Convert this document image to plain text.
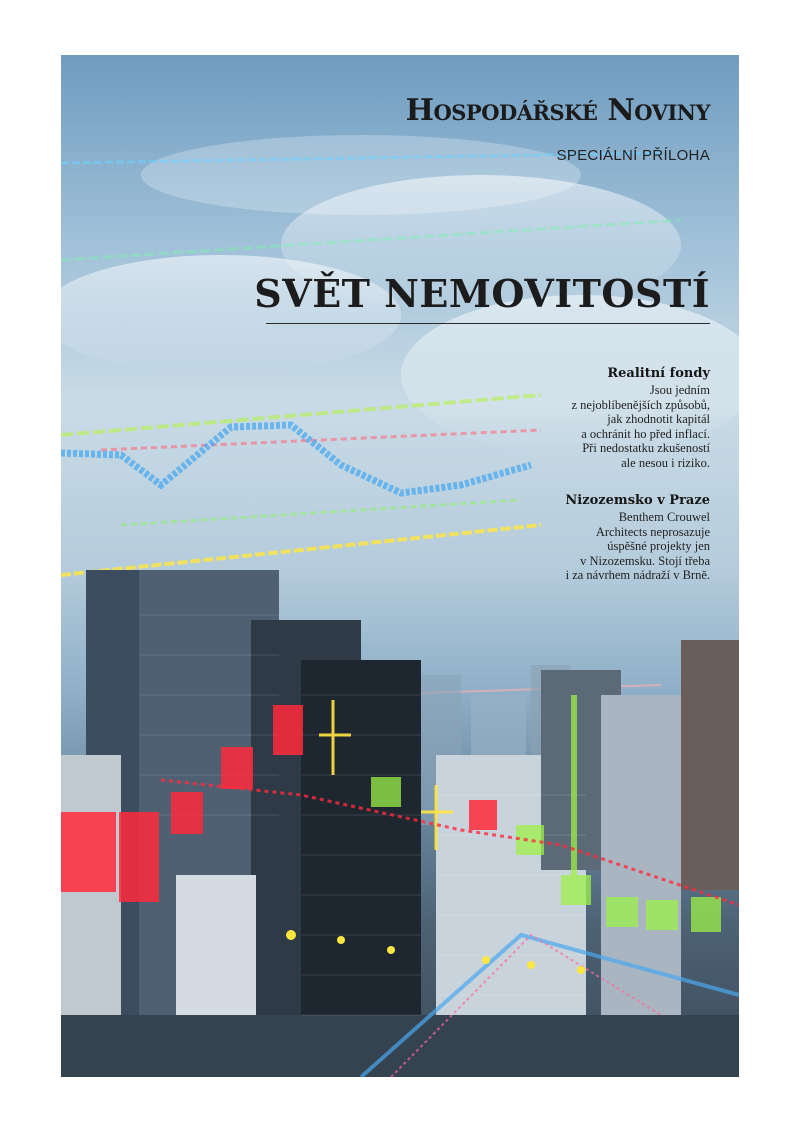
Hospodářské Noviny
SPECIÁLNÍ PŘÍLOHA
SVĚT NEMOVITOSTÍ
Realitní fondy

Jsou jedním
z nejoblíbenějších způsobů,
jak zhodnotit kapitál
a ochránit ho před inflací.
Při nedostatku zkušeností
ale nesou i riziko.

Nizozemsko v Praze

Benthem Crouwel
Architects neprosazuje
úspěšné projekty jen
v Nizozemsku. Stojí třeba
i za návrhem nádraží v Brně.
